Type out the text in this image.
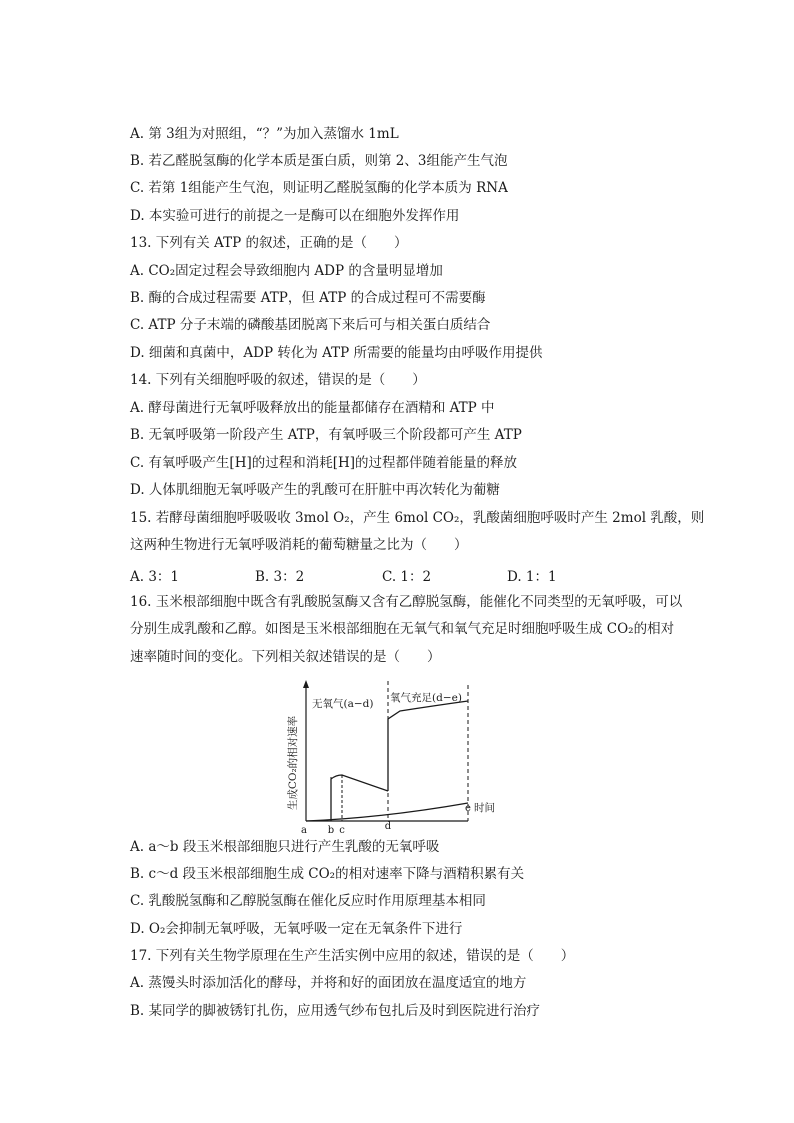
A. 第 3组为对照组，“？”为加入蒸馏水 1mL
B. 若乙醛脱氢酶的化学本质是蛋白质，则第 2、3组能产生气泡
C. 若第 1组能产生气泡，则证明乙醛脱氢酶的化学本质为 RNA
D. 本实验可进行的前提之一是酶可以在细胞外发挥作用
13. 下列有关 ATP 的叙述，正确的是（　　）
A. CO₂固定过程会导致细胞内 ADP 的含量明显增加
B. 酶的合成过程需要 ATP，但 ATP 的合成过程可不需要酶
C. ATP 分子末端的磷酸基团脱离下来后可与相关蛋白质结合
D. 细菌和真菌中，ADP 转化为 ATP 所需要的能量均由呼吸作用提供
14. 下列有关细胞呼吸的叙述，错误的是（　　）
A. 酵母菌进行无氧呼吸释放出的能量都储存在酒精和 ATP 中
B. 无氧呼吸第一阶段产生 ATP，有氧呼吸三个阶段都可产生 ATP
C. 有氧呼吸产生[H]的过程和消耗[H]的过程都伴随着能量的释放
D. 人体肌细胞无氧呼吸产生的乳酸可在肝脏中再次转化为葡糖
15. 若酵母菌细胞呼吸吸收 3mol O₂，产生 6mol CO₂，乳酸菌细胞呼吸时产生 2mol 乳酸，则
这两种生物进行无氧呼吸消耗的葡萄糖量之比为（　　）
A. 3：1	B. 3：2	C. 1：2	D. 1：1
16. 玉米根部细胞中既含有乳酸脱氢酶又含有乙醇脱氢酶，能催化不同类型的无氧呼吸，可以
分别生成乳酸和乙醇。如图是玉米根部细胞在无氧气和氧气充足时细胞呼吸生成 CO₂的相对
速率随时间的变化。下列相关叙述错误的是（　　）
生成CO₂的相对速率
无氧气(a−d) 氧气充足(d−e)
a b c	d
e 时间
A. a～b 段玉米根部细胞只进行产生乳酸的无氧呼吸
B. c～d 段玉米根部细胞生成 CO₂的相对速率下降与酒精积累有关
C. 乳酸脱氢酶和乙醇脱氢酶在催化反应时作用原理基本相同
D. O₂会抑制无氧呼吸，无氧呼吸一定在无氧条件下进行
17. 下列有关生物学原理在生产生活实例中应用的叙述，错误的是（　　）
A. 蒸馒头时添加活化的酵母，并将和好的面团放在温度适宜的地方
B. 某同学的脚被锈钉扎伤，应用透气纱布包扎后及时到医院进行治疗
